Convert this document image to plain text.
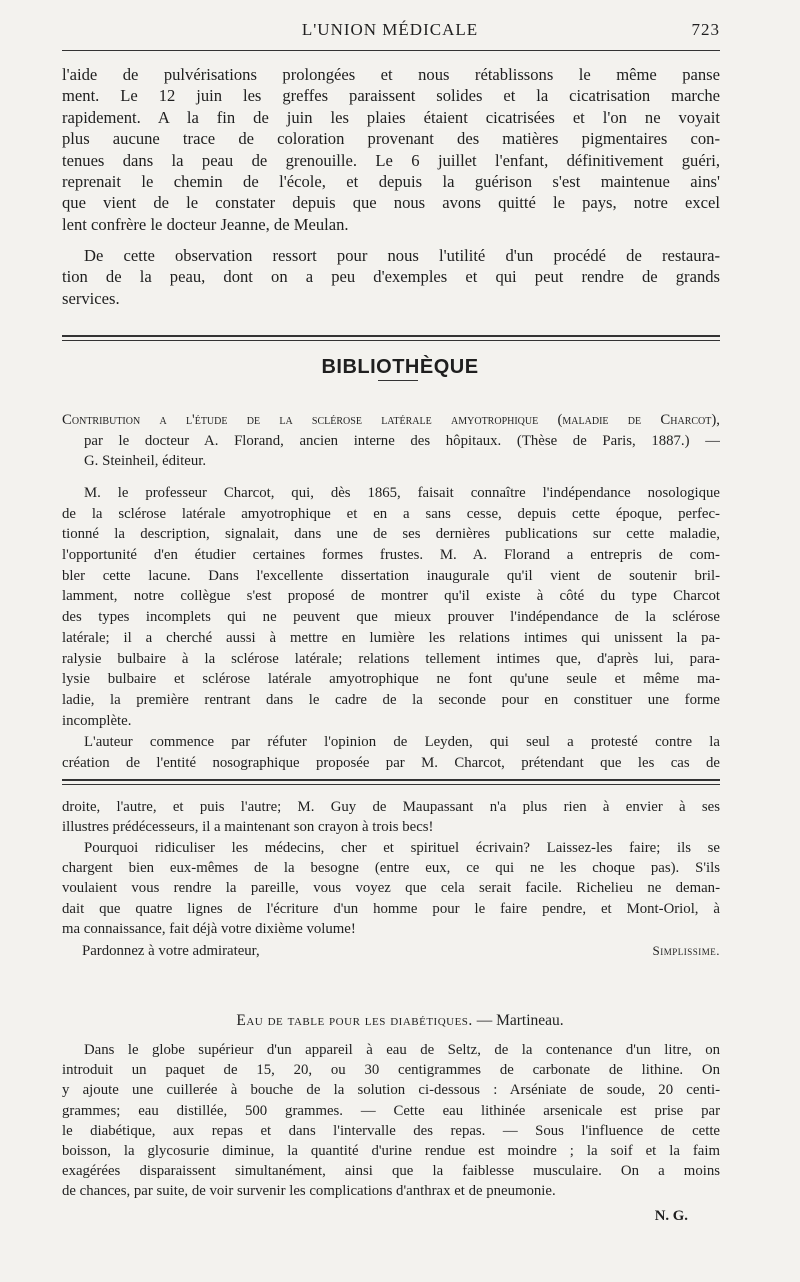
L'UNION MÉDICALE	723
l'aide de pulvérisations prolongées et nous rétablissons le même panse
ment. Le 12 juin les greffes paraissent solides et la cicatrisation marche
rapidement. A la fin de juin les plaies étaient cicatrisées et l'on ne voyait
plus aucune trace de coloration provenant des matières pigmentaires con-
tenues dans la peau de grenouille. Le 6 juillet l'enfant, définitivement guéri,
reprenait le chemin de l'école, et depuis la guérison s'est maintenue ains'
que vient de le constater depuis que nous avons quitté le pays, notre excel
lent confrère le docteur Jeanne, de Meulan.
De cette observation ressort pour nous l'utilité d'un procédé de restaura-
tion de la peau, dont on a peu d'exemples et qui peut rendre de grands
services.
BIBLIOTHÈQUE
Contribution a l'étude de la sclérose latérale amyotrophique (maladie de Charcot),
par le docteur A. Florand, ancien interne des hôpitaux. (Thèse de Paris, 1887.) —
G. Steinheil, éditeur.
M. le professeur Charcot, qui, dès 1865, faisait connaître l'indépendance nosologique
de la sclérose latérale amyotrophique et en a sans cesse, depuis cette époque, perfec-
tionné la description, signalait, dans une de ses dernières publications sur cette maladie,
l'opportunité d'en étudier certaines formes frustes. M. A. Florand a entrepris de com-
bler cette lacune. Dans l'excellente dissertation inaugurale qu'il vient de soutenir bril-
lamment, notre collègue s'est proposé de montrer qu'il existe à côté du type Charcot
des types incomplets qui ne peuvent que mieux prouver l'indépendance de la sclérose
latérale; il a cherché aussi à mettre en lumière les relations intimes qui unissent la pa-
ralysie bulbaire à la sclérose latérale; relations tellement intimes que, d'après lui, para-
lysie bulbaire et sclérose latérale amyotrophique ne font qu'une seule et même ma-
ladie, la première rentrant dans le cadre de la seconde pour en constituer une forme
incomplète.
L'auteur commence par réfuter l'opinion de Leyden, qui seul a protesté contre la
création de l'entité nosographique proposée par M. Charcot, prétendant que les cas de
droite, l'autre, et puis l'autre; M. Guy de Maupassant n'a plus rien à envier à ses
illustres prédécesseurs, il a maintenant son crayon à trois becs!
Pourquoi ridiculiser les médecins, cher et spirituel écrivain? Laissez-les faire; ils se
chargent bien eux-mêmes de la besogne (entre eux, ce qui ne les choque pas). S'ils
voulaient vous rendre la pareille, vous voyez que cela serait facile. Richelieu ne deman-
dait que quatre lignes de l'écriture d'un homme pour le faire pendre, et Mont-Oriol, à
ma connaissance, fait déjà votre dixième volume!
Pardonnez à votre admirateur,	Simplissime.
Eau de table pour les diabétiques. — Martineau.
Dans le globe supérieur d'un appareil à eau de Seltz, de la contenance d'un litre, on
introduit un paquet de 15, 20, ou 30 centigrammes de carbonate de lithine. On
y ajoute une cuillerée à bouche de la solution ci-dessous : Arséniate de soude, 20 centi-
grammes; eau distillée, 500 grammes. — Cette eau lithinée arsenicale est prise par
le diabétique, aux repas et dans l'intervalle des repas. — Sous l'influence de cette
boisson, la glycosurie diminue, la quantité d'urine rendue est moindre ; la soif et la faim
exagérées disparaissent simultanément, ainsi que la faiblesse musculaire. On a moins
de chances, par suite, de voir survenir les complications d'anthrax et de pneumonie.
N. G.
